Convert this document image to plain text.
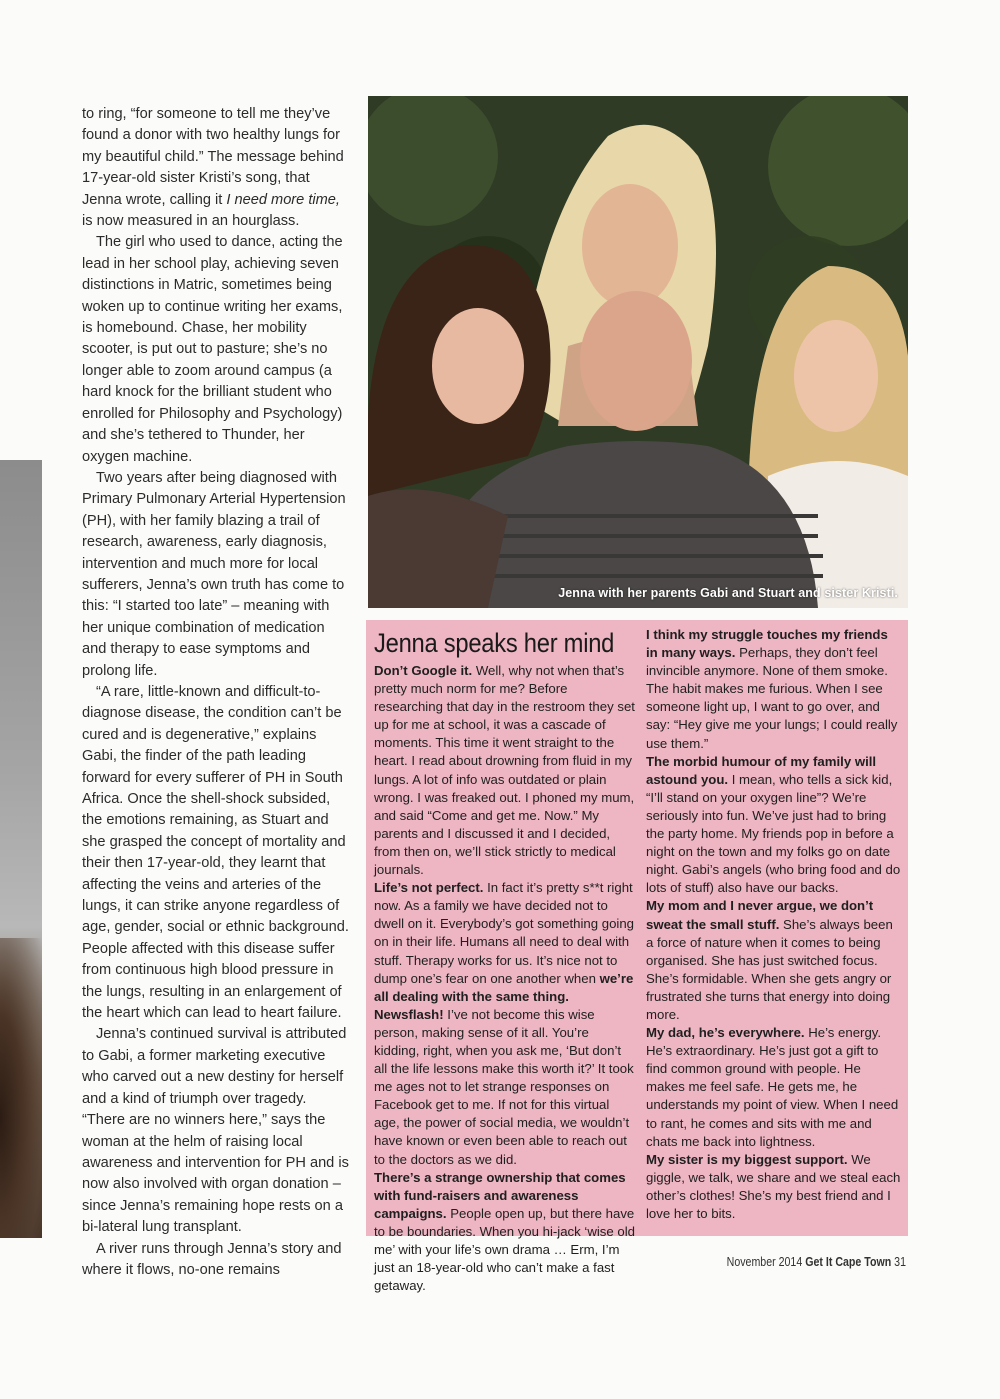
to ring, “for someone to tell me they’ve found a donor with two healthy lungs for my beautiful child.” The message behind 17-year-old sister Kristi’s song, that Jenna wrote, calling it I need more time, is now measured in an hourglass.

The girl who used to dance, acting the lead in her school play, achieving seven distinctions in Matric, sometimes being woken up to continue writing her exams, is homebound. Chase, her mobility scooter, is put out to pasture; she’s no longer able to zoom around campus (a hard knock for the brilliant student who enrolled for Philosophy and Psychology) and she’s tethered to Thunder, her oxygen machine.

Two years after being diagnosed with Primary Pulmonary Arterial Hypertension (PH), with her family blazing a trail of research, awareness, early diagnosis, intervention and much more for local sufferers, Jenna’s own truth has come to this: “I started too late” – meaning with her unique combination of medication and therapy to ease symptoms and prolong life.

“A rare, little-known and difficult-to-diagnose disease, the condition can’t be cured and is degenerative,” explains Gabi, the finder of the path leading forward for every sufferer of PH in South Africa. Once the shell-shock subsided, the emotions remaining, as Stuart and she grasped the concept of mortality and their then 17-year-old, they learnt that affecting the veins and arteries of the lungs, it can strike anyone regardless of age, gender, social or ethnic background. People affected with this disease suffer from continuous high blood pressure in the lungs, resulting in an enlargement of the heart which can lead to heart failure.

Jenna’s continued survival is attributed to Gabi, a former marketing executive who carved out a new destiny for herself and a kind of triumph over tragedy. “There are no winners here,” says the woman at the helm of raising local awareness and intervention for PH and is now also involved with organ donation – since Jenna’s remaining hope rests on a bi-lateral lung transplant.

A river runs through Jenna’s story and where it flows, no-one remains

Jenna with her parents Gabi and Stuart and sister Kristi.
Jenna speaks her mind

Don’t Google it. Well, why not when that’s pretty much norm for me? Before researching that day in the restroom they set up for me at school, it was a cascade of moments. This time it went straight to the heart. I read about drowning from fluid in my lungs. A lot of info was outdated or plain wrong. I was freaked out. I phoned my mum, and said “Come and get me. Now.” My parents and I discussed it and I decided, from then on, we’ll stick strictly to medical journals.

Life’s not perfect. In fact it’s pretty s**t right now. As a family we have decided not to dwell on it. Everybody’s got something going on in their life. Humans all need to deal with stuff. Therapy works for us. It’s nice not to dump one’s fear on one another when we’re all dealing with the same thing.

Newsflash! I’ve not become this wise person, making sense of it all. You’re kidding, right, when you ask me, ‘But don’t all the life lessons make this worth it?’ It took me ages not to let strange responses on Facebook get to me. If not for this virtual age, the power of social media, we wouldn’t have known or even been able to reach out to the doctors as we did.

There’s a strange ownership that comes with fund-raisers and awareness campaigns. People open up, but there have to be boundaries. When you hi-jack ‘wise old me’ with your life’s own drama … Erm, I’m just an 18-year-old who can’t make a fast getaway.

I think my struggle touches my friends in many ways. Perhaps, they don’t feel invincible anymore. None of them smoke. The habit makes me furious. When I see someone light up, I want to go over, and say: “Hey give me your lungs; I could really use them.”

The morbid humour of my family will astound you. I mean, who tells a sick kid, “I’ll stand on your oxygen line”? We’re seriously into fun. We’ve just had to bring the party home. My friends pop in before a night on the town and my folks go on date night. Gabi’s angels (who bring food and do lots of stuff) also have our backs.

My mom and I never argue, we don’t sweat the small stuff. She’s always been a force of nature when it comes to being organised. She has just switched focus. She’s formidable. When she gets angry or frustrated she turns that energy into doing more.

My dad, he’s everywhere. He’s energy. He’s extraordinary. He’s just got a gift to find common ground with people. He makes me feel safe. He gets me, he understands my point of view. When I need to rant, he comes and sits with me and chats me back into lightness.

My sister is my biggest support. We giggle, we talk, we share and we steal each other’s clothes! She’s my best friend and I love her to bits.

November 2014 Get It Cape Town 31
